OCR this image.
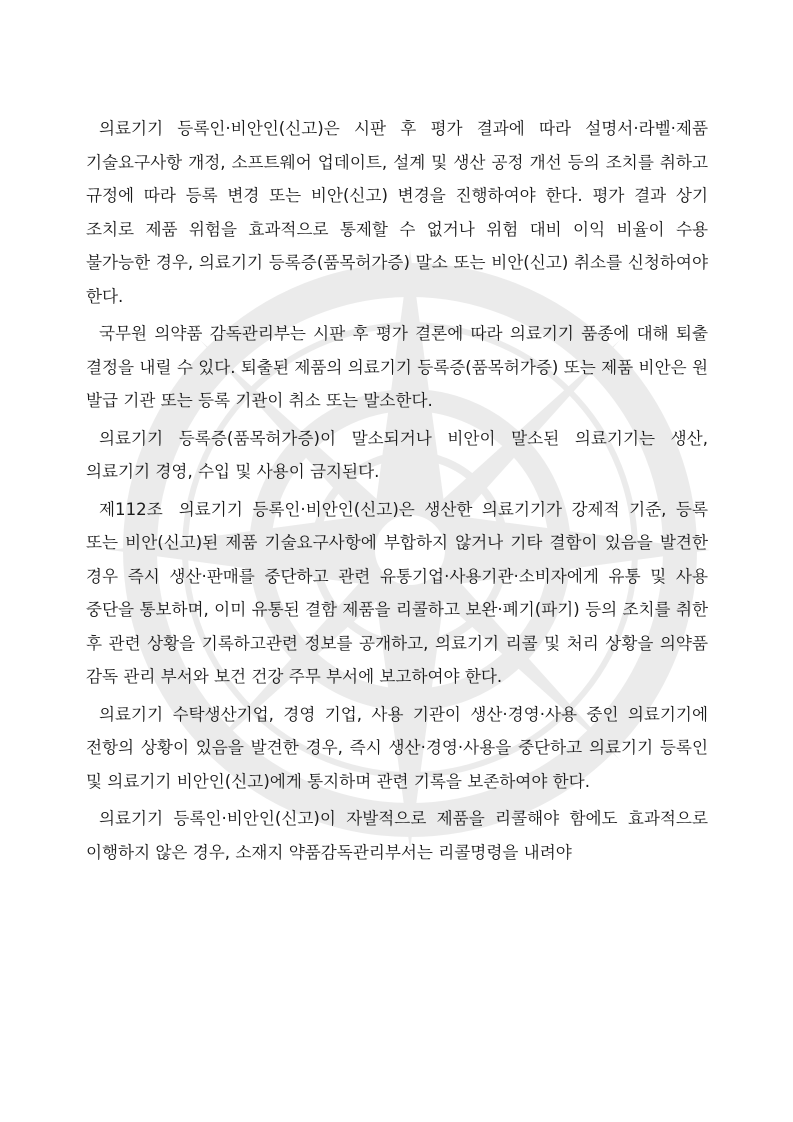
의료기기 등록인·비안인(신고)은 시판 후 평가 결과에 따라 설명서·라벨·제품 기술요구사항 개정, 소프트웨어 업데이트, 설계 및 생산 공정 개선 등의 조치를 취하고 규정에 따라 등록 변경 또는 비안(신고) 변경을 진행하여야 한다. 평가 결과 상기 조치로 제품 위험을 효과적으로 통제할 수 없거나 위험 대비 이익 비율이 수용 불가능한 경우, 의료기기 등록증(품목허가증) 말소 또는 비안(신고) 취소를 신청하여야 한다.

국무원 의약품 감독관리부는 시판 후 평가 결론에 따라 의료기기 품종에 대해 퇴출 결정을 내릴 수 있다. 퇴출된 제품의 의료기기 등록증(품목허가증) 또는 제품 비안은 원 발급 기관 또는 등록 기관이 취소 또는 말소한다.

의료기기 등록증(품목허가증)이 말소되거나 비안이 말소된 의료기기는 생산, 의료기기 경영, 수입 및 사용이 금지된다.

제112조 의료기기 등록인·비안인(신고)은 생산한 의료기기가 강제적 기준, 등록 또는 비안(신고)된 제품 기술요구사항에 부합하지 않거나 기타 결함이 있음을 발견한 경우 즉시 생산·판매를 중단하고 관련 유통기업·사용기관·소비자에게 유통 및 사용 중단을 통보하며, 이미 유통된 결함 제품을 리콜하고 보완·폐기(파기) 등의 조치를 취한 후 관련 상황을 기록하고관련 정보를 공개하고, 의료기기 리콜 및 처리 상황을 의약품 감독 관리 부서와 보건 건강 주무 부서에 보고하여야 한다.

의료기기 수탁생산기업, 경영 기업, 사용 기관이 생산·경영·사용 중인 의료기기에 전항의 상황이 있음을 발견한 경우, 즉시 생산·경영·사용을 중단하고 의료기기 등록인 및 의료기기 비안인(신고)에게 통지하며 관련 기록을 보존하여야 한다.

의료기기 등록인·비안인(신고)이 자발적으로 제품을 리콜해야 함에도 효과적으로 이행하지 않은 경우, 소재지 약품감독관리부서는 리콜명령을 내려야
